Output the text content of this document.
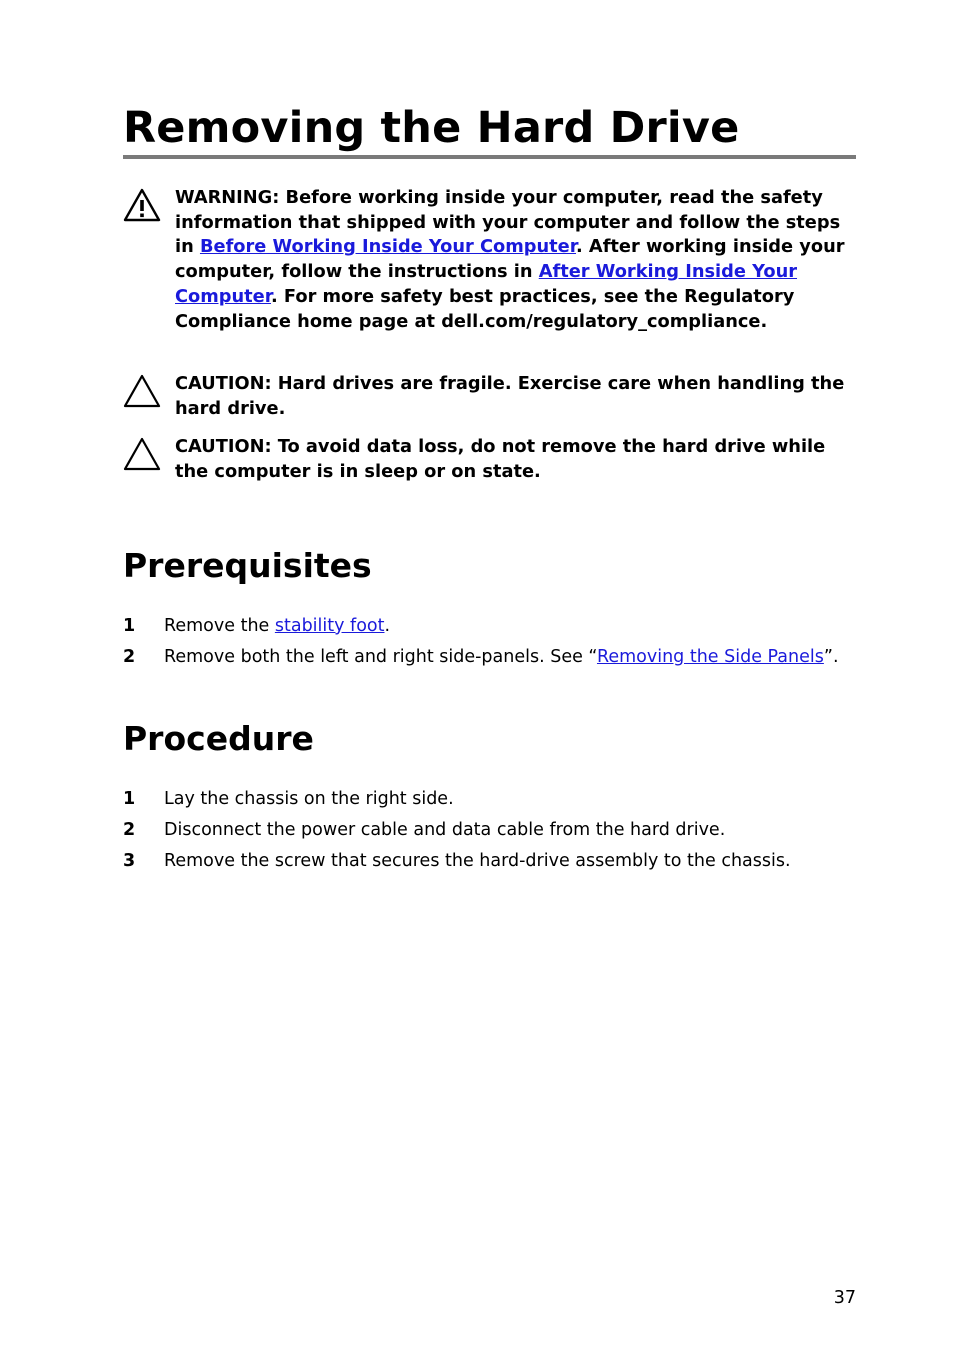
Removing the Hard Drive
WARNING: Before working inside your computer, read the safety information that shipped with your computer and follow the steps in Before Working Inside Your Computer. After working inside your computer, follow the instructions in After Working Inside Your Computer. For more safety best practices, see the Regulatory Compliance home page at dell.com/regulatory_compliance.
CAUTION: Hard drives are fragile. Exercise care when handling the hard drive.
CAUTION: To avoid data loss, do not remove the hard drive while the computer is in sleep or on state.
Prerequisites
1 Remove the stability foot.
2 Remove both the left and right side-panels. See “Removing the Side Panels”.
Procedure
1 Lay the chassis on the right side.
2 Disconnect the power cable and data cable from the hard drive.
3 Remove the screw that secures the hard-drive assembly to the chassis.
37
